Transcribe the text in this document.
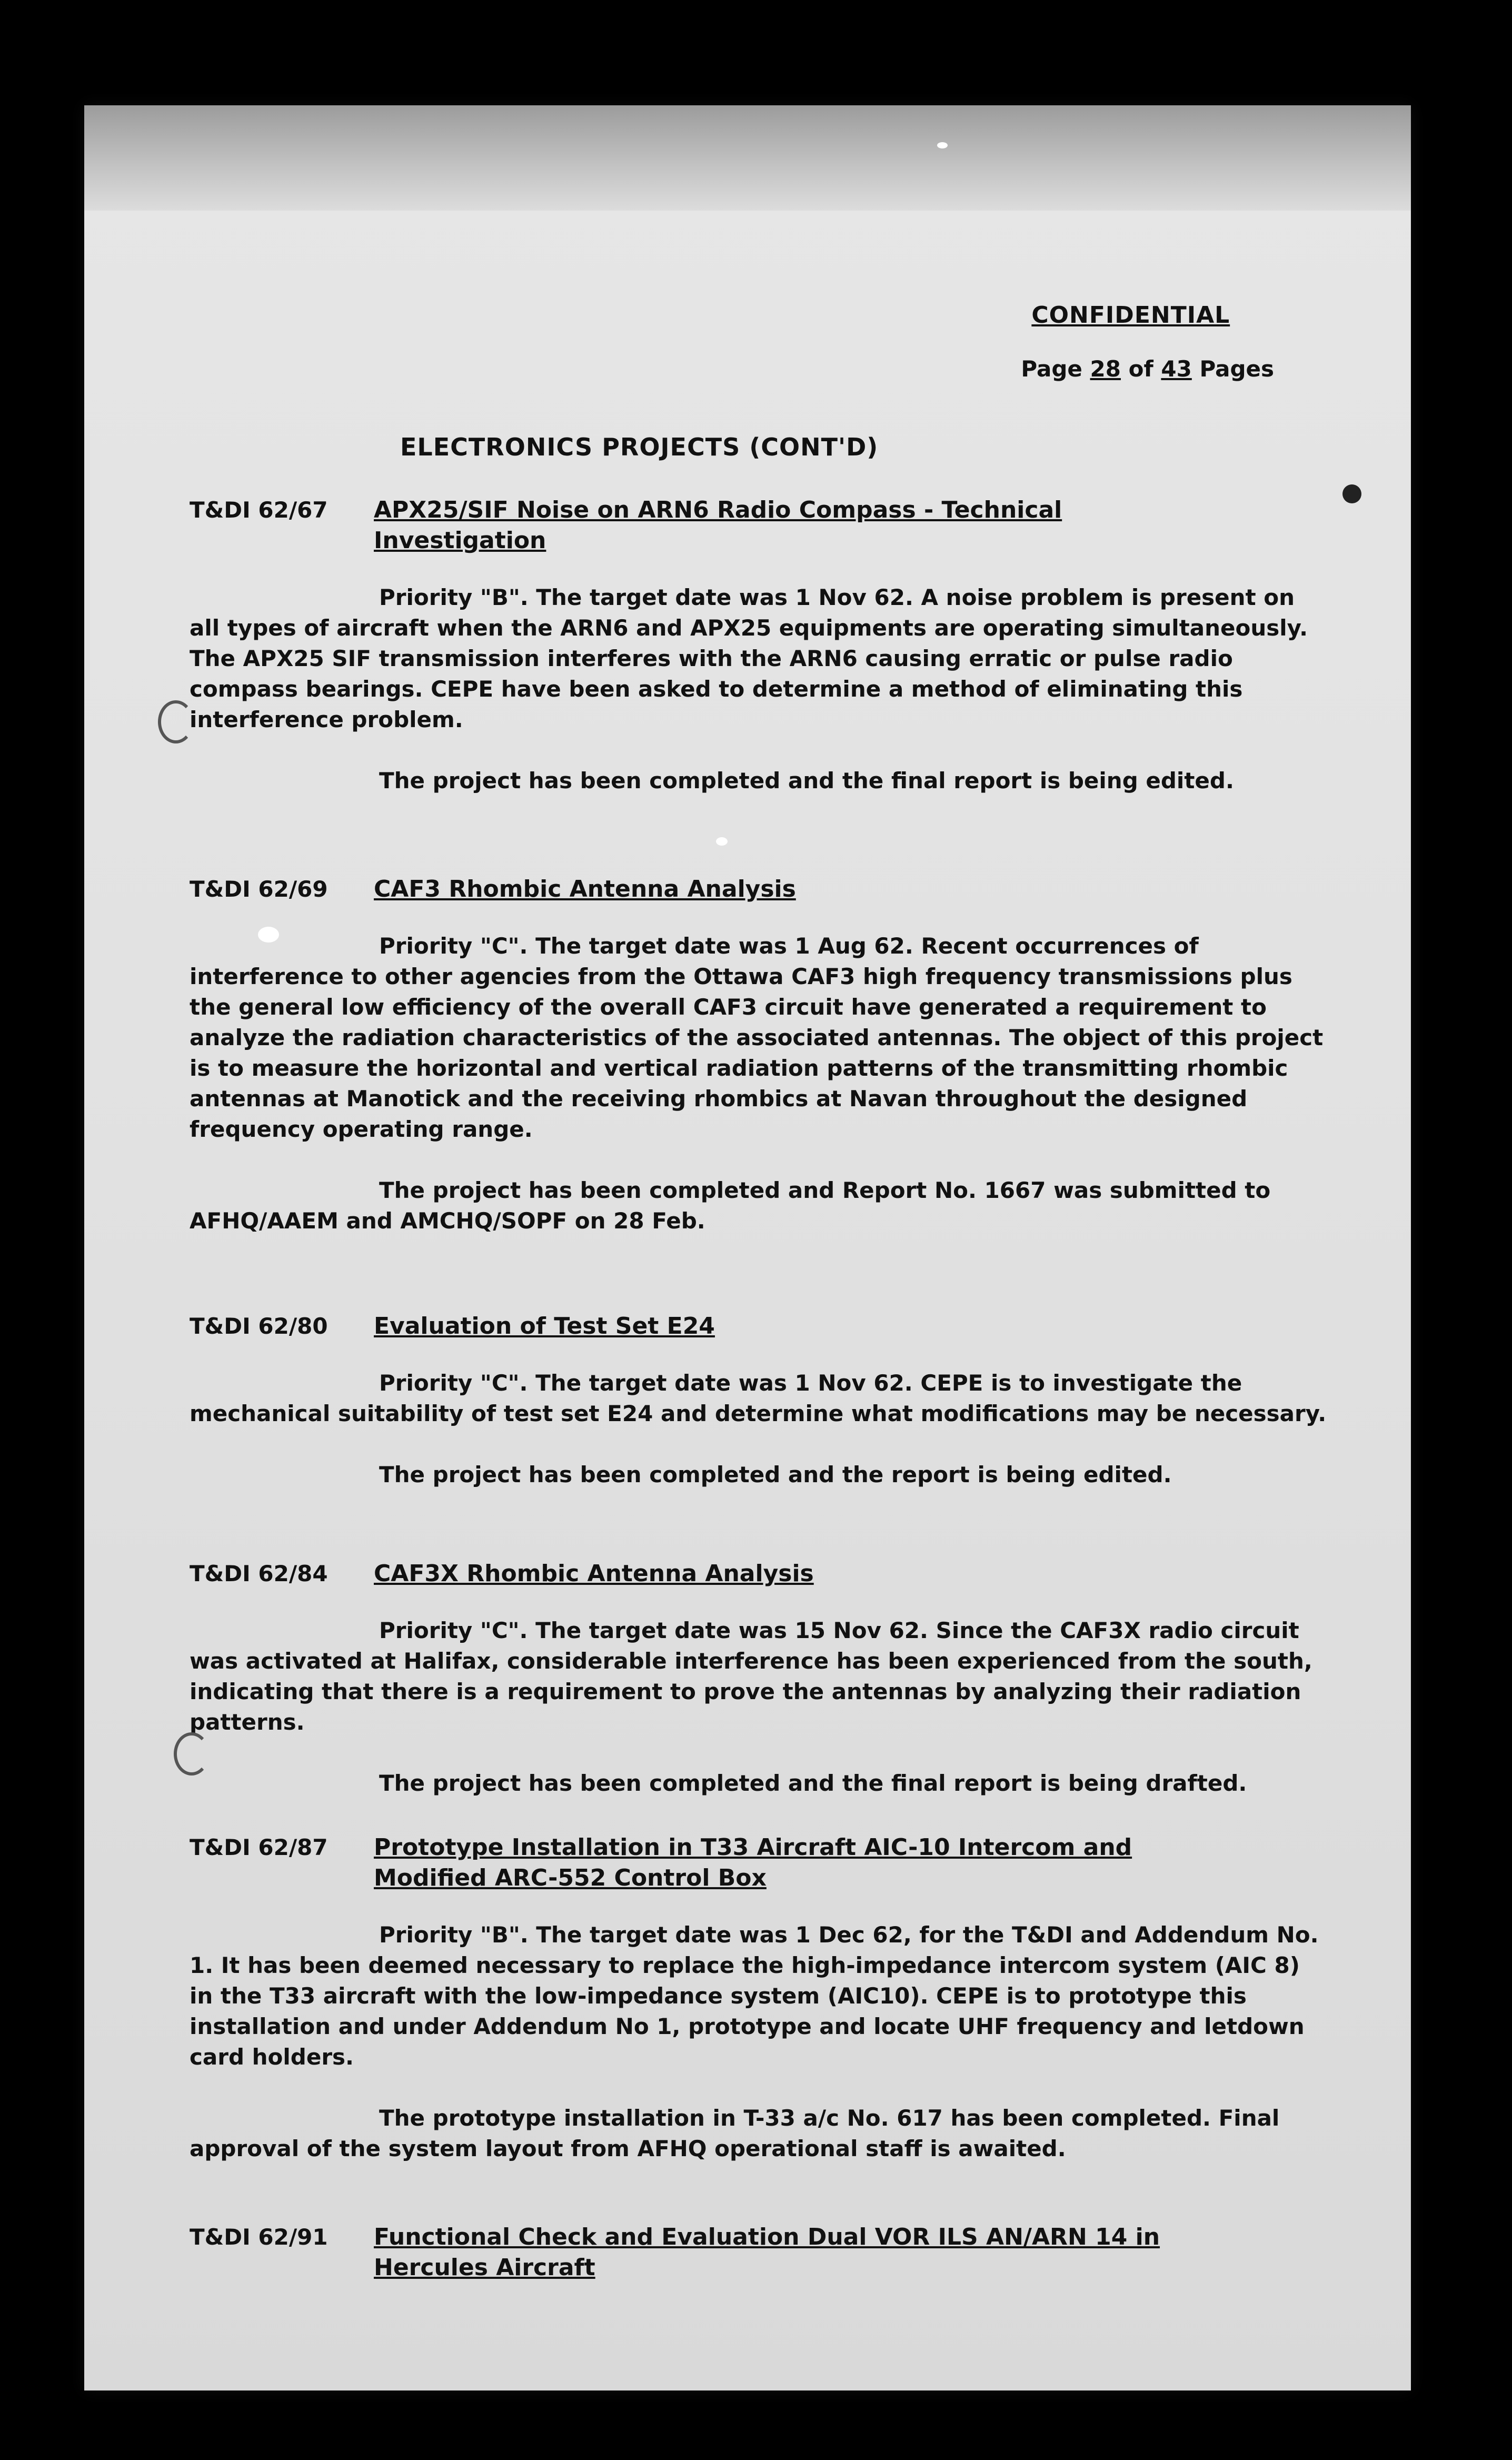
CONFIDENTIAL
Page 28 of 43 Pages
ELECTRONICS PROJECTS (CONT'D)
T&DI 62/67	APX25/SIF Noise on ARN6 Radio Compass - Technical Investigation
Priority "B". The target date was 1 Nov 62. A noise problem is present on all types of aircraft when the ARN6 and APX25 equipments are operating simultaneously. The APX25 SIF transmission interferes with the ARN6 causing erratic or pulse radio compass bearings. CEPE have been asked to determine a method of eliminating this interference problem.
The project has been completed and the final report is being edited.
T&DI 62/69	CAF3 Rhombic Antenna Analysis
Priority "C". The target date was 1 Aug 62. Recent occurrences of interference to other agencies from the Ottawa CAF3 high frequency transmissions plus the general low efficiency of the overall CAF3 circuit have generated a requirement to analyze the radiation characteristics of the associated antennas. The object of this project is to measure the horizontal and vertical radiation patterns of the transmitting rhombic antennas at Manotick and the receiving rhombics at Navan throughout the designed frequency operating range.
The project has been completed and Report No. 1667 was submitted to AFHQ/AAEM and AMCHQ/SOPF on 28 Feb.
T&DI 62/80	Evaluation of Test Set E24
Priority "C". The target date was 1 Nov 62. CEPE is to investigate the mechanical suitability of test set E24 and determine what modifications may be necessary.
The project has been completed and the report is being edited.
T&DI 62/84	CAF3X Rhombic Antenna Analysis
Priority "C". The target date was 15 Nov 62. Since the CAF3X radio circuit was activated at Halifax, considerable interference has been experienced from the south, indicating that there is a requirement to prove the antennas by analyzing their radiation patterns.
The project has been completed and the final report is being drafted.
T&DI 62/87	Prototype Installation in T33 Aircraft AIC-10 Intercom and Modified ARC-552 Control Box
Priority "B". The target date was 1 Dec 62, for the T&DI and Addendum No. 1. It has been deemed necessary to replace the high-impedance intercom system (AIC 8) in the T33 aircraft with the low-impedance system (AIC10). CEPE is to prototype this installation and under Addendum No 1, prototype and locate UHF frequency and letdown card holders.
The prototype installation in T-33 a/c No. 617 has been completed. Final approval of the system layout from AFHQ operational staff is awaited.
T&DI 62/91	Functional Check and Evaluation Dual VOR ILS AN/ARN 14 in Hercules Aircraft
